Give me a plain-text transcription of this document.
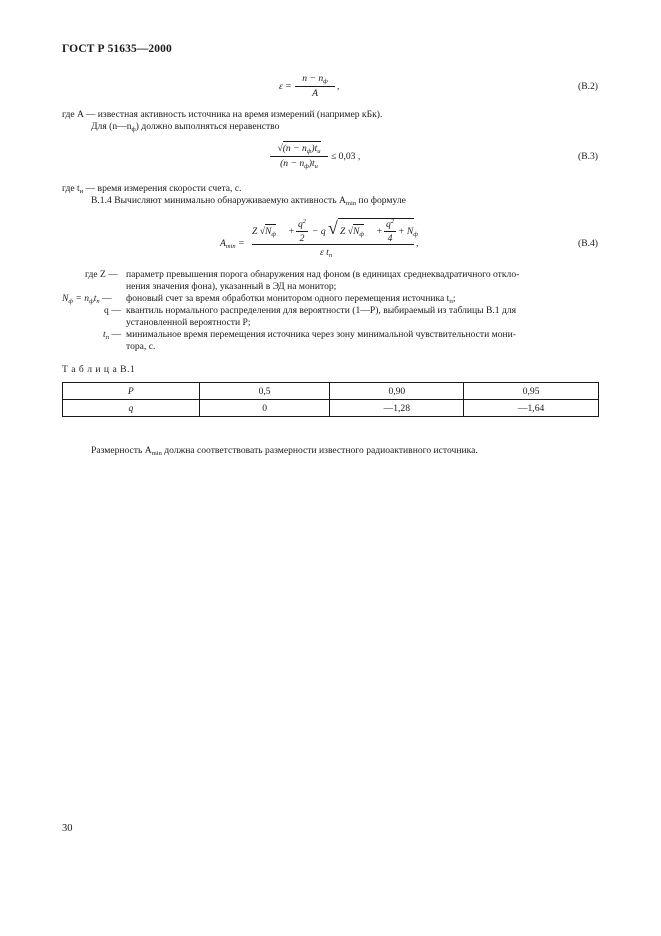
ГОСТ Р 51635—2000
ε =
$n - n_ф$
A
,	(B.2)
где A — известная активность источника на время измерений (например кБк).
Для $(n—n_ф)$ должно выполняться неравенство
$√(n - n_ф)t_и$
$(n - n_ф)t_и$
≤ 0,03 ,	(B.3)
где $t_и$ — время измерения скорости счета, с.
B.1.4 Вычисляют минимально обнаруживаемую активность $A_{min}$ по формуле
$A_{min}$ =
Z $√N_ф$ +
$q^2$
2
− q √ Z $√N_ф$ +
$q^2$
4
+ $N_ф$
ε $t_п$
,	(B.4)
где Z — параметр превышения порога обнаружения над фоном (в единицах среднеквадратичного откло-
нения значения фона), указанный в ЭД на монитор;
$N_ф = n_фt_п$ — фоновый счет за время обработки монитором одного перемещения источника $t_п$;
q — квантиль нормального распределения для вероятности (1—P), выбираемый из таблицы B.1 для
установленной вероятности P;
$t_п$ — минимальное время перемещения источника через зону минимальной чувствительности мони-
тора, с.
Т а б л и ц а B.1
P	0,5	0,90	0,95
q	0	—1,28	—1,64
Размерность $A_{min}$ должна соответствовать размерности известного радиоактивного источника.
30
